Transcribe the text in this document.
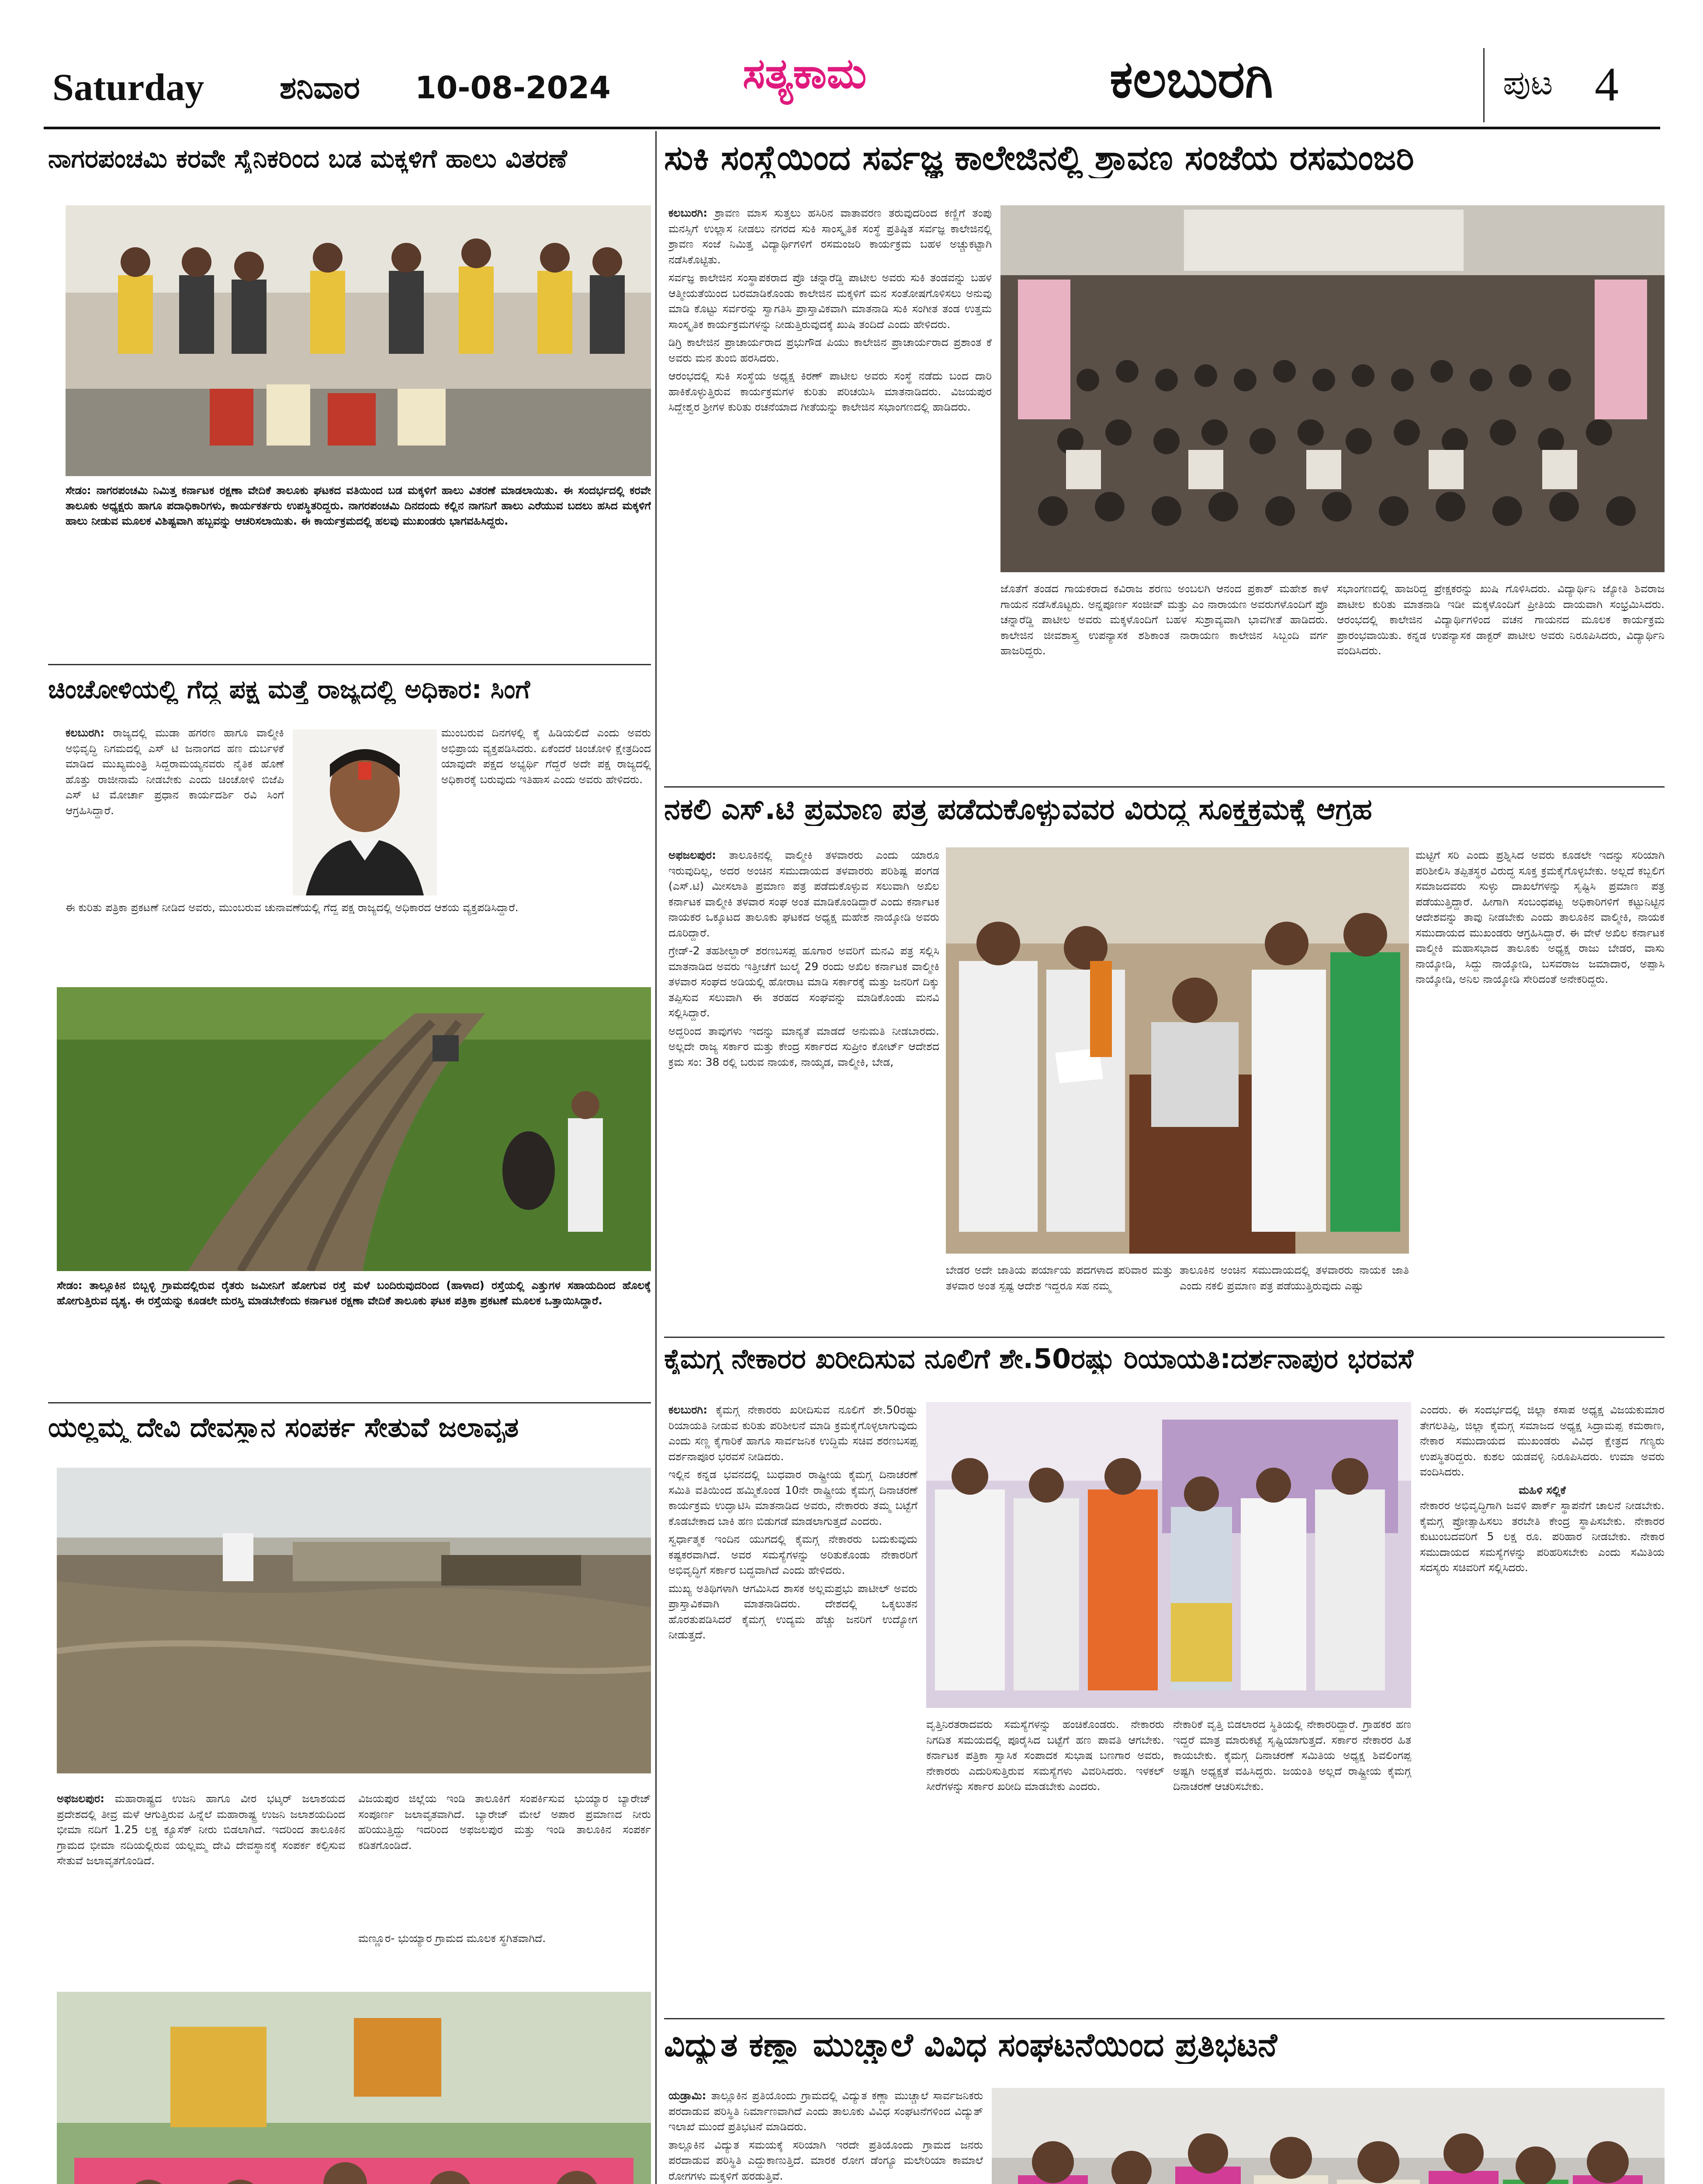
Saturday ಶನಿವಾರ 10-08-2024	ಸತ್ಯಕಾಮ	ಕಲಬುರಗಿ	ಪುಟ 4
ನಾಗರಪಂಚಮಿ ಕರವೇ ಸೈನಿಕರಿಂದ ಬಡ ಮಕ್ಕಳಿಗೆ ಹಾಲು ವಿತರಣೆ
ಸೇಡಂ: ನಾಗರಪಂಚಮಿ ನಿಮಿತ್ತ ಕರ್ನಾಟಕ ರಕ್ಷಣಾ ವೇದಿಕೆ ತಾಲೂಕು ಘಟಕದ ವತಿಯಿಂದ ಬಡ ಮಕ್ಕಳಿಗೆ ಹಾಲು ವಿತರಣೆ ಮಾಡಲಾಯಿತು. ಈ ಸಂದರ್ಭದಲ್ಲಿ ಕರವೇ ತಾಲೂಕು ಅಧ್ಯಕ್ಷರು ಹಾಗೂ ಪದಾಧಿಕಾರಿಗಳು, ಕಾರ್ಯಕರ್ತರು ಉಪಸ್ಥಿತರಿದ್ದರು. ನಾಗರಪಂಚಮಿ ದಿನದಂದು ಕಲ್ಲಿನ ನಾಗನಿಗೆ ಹಾಲು ಎರೆಯುವ ಬದಲು ಹಸಿದ ಮಕ್ಕಳಿಗೆ ಹಾಲು ನೀಡುವ ಮೂಲಕ ವಿಶಿಷ್ಟವಾಗಿ ಹಬ್ಬವನ್ನು ಆಚರಿಸಲಾಯಿತು. ಈ ಕಾರ್ಯಕ್ರಮದಲ್ಲಿ ಹಲವು ಮುಖಂಡರು ಭಾಗವಹಿಸಿದ್ದರು.
ಚಿಂಚೋಳಿಯಲ್ಲಿ ಗೆದ್ದ ಪಕ್ಷ ಮತ್ತೆ ರಾಜ್ಯದಲ್ಲಿ ಅಧಿಕಾರ: ಸಿಂಗೆ
ಕಲಬುರಗಿ: ರಾಜ್ಯದಲ್ಲಿ ಮುಡಾ ಹಗರಣ ಹಾಗೂ ವಾಲ್ಮೀಕಿ ಅಭಿವೃದ್ಧಿ ನಿಗಮದಲ್ಲಿ ಎಸ್ ಟಿ ಜನಾಂಗದ ಹಣ ದುರ್ಬಳಕೆ ಮಾಡಿದ ಮುಖ್ಯಮಂತ್ರಿ ಸಿದ್ದರಾಮಯ್ಯನವರು ನೈತಿಕ ಹೊಣೆ ಹೊತ್ತು ರಾಜೀನಾಮೆ ನೀಡಬೇಕು ಎಂದು ಚಿಂಚೋಳಿ ಬಿಜೆಪಿ ಎಸ್ ಟಿ ಮೋರ್ಚಾ ಪ್ರಧಾನ ಕಾರ್ಯದರ್ಶಿ ರವಿ ಸಿಂಗೆ ಆಗ್ರಹಿಸಿದ್ದಾರೆ.
ಮುಂಬರುವ ದಿನಗಳಲ್ಲಿ ಕೈ ಹಿಡಿಯಲಿದೆ ಎಂದು ಅವರು ಅಭಿಪ್ರಾಯ ವ್ಯಕ್ತಪಡಿಸಿದರು. ಏಕೆಂದರೆ ಚಿಂಚೋಳಿ ಕ್ಷೇತ್ರದಿಂದ ಯಾವುದೇ ಪಕ್ಷದ ಅಭ್ಯರ್ಥಿ ಗೆದ್ದರೆ ಅದೇ ಪಕ್ಷ ರಾಜ್ಯದಲ್ಲಿ ಅಧಿಕಾರಕ್ಕೆ ಬರುವುದು ಇತಿಹಾಸ ಎಂದು ಅವರು ಹೇಳಿದರು.
ಈ ಕುರಿತು ಪತ್ರಿಕಾ ಪ್ರಕಟಣೆ ನೀಡಿದ ಅವರು, ಮುಂಬರುವ ಚುನಾವಣೆಯಲ್ಲಿ ಗೆದ್ದ ಪಕ್ಷ ರಾಜ್ಯದಲ್ಲಿ ಅಧಿಕಾರದ ಆಶಯ ವ್ಯಕ್ತಪಡಿಸಿದ್ದಾರೆ.
ಸೇಡಂ: ತಾಲ್ಲೂಕಿನ ಬಿಬ್ಬಳ್ಳಿ ಗ್ರಾಮದಲ್ಲಿರುವ ರೈತರು ಜಮೀನಿಗೆ ಹೋಗುವ ರಸ್ತೆ ಮಳೆ ಬಂದಿರುವುದರಿಂದ (ಹಾಳಾದ) ರಸ್ತೆಯಲ್ಲಿ ಎತ್ತುಗಳ ಸಹಾಯದಿಂದ ಹೊಲಕ್ಕೆ ಹೋಗುತ್ತಿರುವ ದೃಶ್ಯ. ಈ ರಸ್ತೆಯನ್ನು ಕೂಡಲೇ ದುರಸ್ತಿ ಮಾಡಬೇಕೆಂದು ಕರ್ನಾಟಕ ರಕ್ಷಣಾ ವೇದಿಕೆ ತಾಲೂಕು ಘಟಕ ಪತ್ರಿಕಾ ಪ್ರಕಟಣೆ ಮೂಲಕ ಒತ್ತಾಯಿಸಿದ್ದಾರೆ.
ಯಲ್ಲಮ್ಮ ದೇವಿ ದೇವಸ್ಥಾನ ಸಂಪರ್ಕ ಸೇತುವೆ ಜಲಾವೃತ
ಅಫಜಲಪುರ: ಮಹಾರಾಷ್ಟ್ರದ ಉಜನಿ ಹಾಗೂ ವೀರ ಭಟ್ಕರ್ ಜಲಾಶಯದ ಪ್ರದೇಶದಲ್ಲಿ ತೀವ್ರ ಮಳೆ ಆಗುತ್ತಿರುವ ಹಿನ್ನೆಲೆ ಮಹಾರಾಷ್ಟ್ರ ಉಜನಿ ಜಲಾಶಯದಿಂದ ಭೀಮಾ ನದಿಗೆ 1.25 ಲಕ್ಷ ಕ್ಯೂಸೆಕ್ ನೀರು ಬಿಡಲಾಗಿದೆ. ಇದರಿಂದ ತಾಲೂಕಿನ ಗ್ರಾಮದ ಭೀಮಾ ನದಿಯಲ್ಲಿರುವ ಯಲ್ಲಮ್ಮ ದೇವಿ ದೇವಸ್ಥಾನಕ್ಕೆ ಸಂಪರ್ಕ ಕಲ್ಪಿಸುವ ಸೇತುವೆ ಜಲಾವೃತಗೊಂಡಿದೆ.
ವಿಜಯಪುರ ಜಿಲ್ಲೆಯ ಇಂಡಿ ತಾಲೂಕಿಗೆ ಸಂಪರ್ಕಿಸುವ ಭುಯ್ಯಾರ ಬ್ಯಾರೇಜ್ ಸಂಪೂರ್ಣ ಜಲಾವೃತವಾಗಿದೆ. ಬ್ಯಾರೇಜ್ ಮೇಲೆ ಅಪಾರ ಪ್ರಮಾಣದ ನೀರು ಹರಿಯುತ್ತಿದ್ದು ಇದರಿಂದ ಅಫಜಲಪುರ ಮತ್ತು ಇಂಡಿ ತಾಲೂಕಿನ ಸಂಪರ್ಕ ಕಡಿತಗೊಂಡಿದೆ.
ಮಣ್ಣೂರ- ಭುಯ್ಯಾರ ಗ್ರಾಮದ ಮೂಲಕ ಸ್ಥಗಿತವಾಗಿದೆ.
ಸುಕಿ ಸಂಸ್ಥೆಯಿಂದ ಸರ್ವಜ್ಞ ಕಾಲೇಜಿನಲ್ಲಿ ಶ್ರಾವಣ ಸಂಜೆಯ ರಸಮಂಜರಿ
ಕಲಬುರಗಿ: ಶ್ರಾವಣ ಮಾಸ ಸುತ್ತಲು ಹಸಿರಿನ ವಾತಾವರಣ ತರುವುದರಿಂದ ಕಣ್ಣಿಗೆ ತಂಪು ಮನಸ್ಸಿಗೆ ಉಲ್ಲಾಸ ನೀಡಲು ನಗರದ ಸುಕಿ ಸಾಂಸ್ಕೃತಿಕ ಸಂಸ್ಥೆ ಪ್ರತಿಷ್ಠಿತ ಸರ್ವಜ್ಞ ಕಾಲೇಜಿನಲ್ಲಿ ಶ್ರಾವಣ ಸಂಜೆ ನಿಮಿತ್ತ ವಿದ್ಯಾರ್ಥಿಗಳಿಗೆ ರಸಮಂಜರಿ ಕಾರ್ಯಕ್ರಮ ಬಹಳ ಅಚ್ಚುಕಟ್ಟಾಗಿ ನಡೆಸಿಕೊಟ್ಟಿತು.

ಸರ್ವಜ್ಞ ಕಾಲೇಜಿನ ಸಂಸ್ಥಾಪಕರಾದ ಪ್ರೊ ಚನ್ನಾರೆಡ್ಡಿ ಪಾಟೀಲ ಅವರು ಸುಕಿ ತಂಡವನ್ನು ಬಹಳ ಆತ್ಮೀಯತೆಯಿಂದ ಬರಮಾಡಿಕೊಂಡು ಕಾಲೇಜಿನ ಮಕ್ಕಳಿಗೆ ಮನ ಸಂತೋಷಗೊಳಿಸಲು ಅನುವು ಮಾಡಿ ಕೊಟ್ಟು ಸರ್ವರನ್ನು ಸ್ವಾಗತಿಸಿ ಪ್ರಾಸ್ತಾವಿಕವಾಗಿ ಮಾತನಾಡಿ ಸುಕಿ ಸಂಗೀತ ತಂಡ ಉತ್ತಮ ಸಾಂಸ್ಕೃತಿಕ ಕಾರ್ಯಕ್ರಮಗಳನ್ನು ನೀಡುತ್ತಿರುವುದಕ್ಕೆ ಖುಷಿ ತಂದಿದೆ ಎಂದು ಹೇಳಿದರು.

ಡಿಗ್ರಿ ಕಾಲೇಜಿನ ಪ್ರಾಚಾರ್ಯರಾದ ಪ್ರಭುಗೌಡ ಪಿಯು ಕಾಲೇಜಿನ ಪ್ರಾಚಾರ್ಯರಾದ ಪ್ರಶಾಂತ ಕೆ ಅವರು ಮನ ತುಂಬಿ ಹರಸಿದರು.

ಆರಂಭದಲ್ಲಿ ಸುಕಿ ಸಂಸ್ಥೆಯ ಅಧ್ಯಕ್ಷ ಕಿರಣ್ ಪಾಟೀಲ ಅವರು ಸಂಸ್ಥೆ ನಡೆದು ಬಂದ ದಾರಿ ಹಾಕಿಕೊಳ್ಳುತ್ತಿರುವ ಕಾರ್ಯಕ್ರಮಗಳ ಕುರಿತು ಪರಿಚಯಿಸಿ ಮಾತನಾಡಿದರು. ವಿಜಯಪುರ ಸಿದ್ದೇಶ್ವರ ಶ್ರೀಗಳ ಕುರಿತು ರಚನೆಯಾದ ಗೀತೆಯನ್ನು ಕಾಲೇಜಿನ ಸಭಾಂಗಣದಲ್ಲಿ ಹಾಡಿದರು.
ಜೊತೆಗೆ ತಂಡದ ಗಾಯಕರಾದ ಕವಿರಾಜ ಶರಣು ಅಂಬಲಗಿ ಆನಂದ ಪ್ರಕಾಶ್ ಮಹೇಶ ಕಾಳೆ ಗಾಯನ ನಡೆಸಿಕೊಟ್ಟರು. ಅನ್ನಪೂರ್ಣ ಸಂಜೀವ್ ಮತ್ತು ಎಂ ನಾರಾಯಣ ಅವರುಗಳೊಂದಿಗೆ ಪ್ರೊ ಚನ್ನಾರೆಡ್ಡಿ ಪಾಟೀಲ ಅವರು ಮಕ್ಕಳೊಂದಿಗೆ ಬಹಳ ಸುಶ್ರಾವ್ಯವಾಗಿ ಭಾವಗೀತೆ ಹಾಡಿದರು. ಕಾಲೇಜಿನ ಜೀವಶಾಸ್ತ್ರ ಉಪನ್ಯಾಸಕ ಶಶಿಕಾಂತ ನಾರಾಯಣ ಕಾಲೇಜಿನ ಸಿಬ್ಬಂದಿ ವರ್ಗ ಹಾಜರಿದ್ದರು.
ಸಭಾಂಗಣದಲ್ಲಿ ಹಾಜರಿದ್ದ ಪ್ರೇಕ್ಷಕರನ್ನು ಖುಷಿ ಗೊಳಿಸಿದರು. ವಿದ್ಯಾರ್ಥಿನಿ ಜ್ಯೋತಿ ಶಿವರಾಜ ಪಾಟೀಲ ಕುರಿತು ಮಾತನಾಡಿ ಇಡೀ ಮಕ್ಕಳೊಂದಿಗೆ ಪ್ರೀತಿಯ ದಾಯವಾಗಿ ಸಂಭ್ರಮಿಸಿದರು. ಆರಂಭದಲ್ಲಿ ಕಾಲೇಜಿನ ವಿದ್ಯಾರ್ಥಿಗಳಿಂದ ವಚನ ಗಾಯನದ ಮೂಲಕ ಕಾರ್ಯಕ್ರಮ ಪ್ರಾರಂಭವಾಯಿತು. ಕನ್ನಡ ಉಪನ್ಯಾಸಕ ಡಾಕ್ಟರ್ ಪಾಟೀಲ ಅವರು ನಿರೂಪಿಸಿದರು, ವಿದ್ಯಾರ್ಥಿನಿ ವಂದಿಸಿದರು.
ನಕಲಿ ಎಸ್.ಟಿ ಪ್ರಮಾಣ ಪತ್ರ ಪಡೆದುಕೊಳ್ಳುವವರ ವಿರುದ್ಧ ಸೂಕ್ತಕ್ರಮಕ್ಕೆ ಆಗ್ರಹ
ಅಫಜಲಪುರ: ತಾಲೂಕಿನಲ್ಲಿ ವಾಲ್ಮೀಕಿ ತಳವಾರರು ಎಂದು ಯಾರೂ ಇರುವುದಿಲ್ಲ, ಅದರ ಅಂಚಿನ ಸಮುದಾಯದ ತಳವಾರರು ಪರಿಶಿಷ್ಟ ಪಂಗಡ (ಎಸ್.ಟಿ) ಮೀಸಲಾತಿ ಪ್ರಮಾಣ ಪತ್ರ ಪಡೆದುಕೊಳ್ಳುವ ಸಲುವಾಗಿ ಅಖಿಲ ಕರ್ನಾಟಕ ವಾಲ್ಮೀಕಿ ತಳವಾರ ಸಂಘ ಅಂತ ಮಾಡಿಕೊಂಡಿದ್ದಾರೆ ಎಂದು ಕರ್ನಾಟಕ ನಾಯಕರ ಒಕ್ಕೂಟದ ತಾಲೂಕು ಘಟಕದ ಅಧ್ಯಕ್ಷ ಮಹೇಶ ನಾಯ್ಕೋಡಿ ಅವರು ದೂರಿದ್ದಾರೆ.

ಗ್ರೇಡ್-2 ತಹಶೀಲ್ದಾರ್ ಶರಣಬಸಪ್ಪ ಹೂಗಾರ ಅವರಿಗೆ ಮನವಿ ಪತ್ರ ಸಲ್ಲಿಸಿ ಮಾತನಾಡಿದ ಅವರು ಇತ್ತೀಚೆಗೆ ಜುಲೈ 29 ರಂದು ಅಖಿಲ ಕರ್ನಾಟಕ ವಾಲ್ಮೀಕಿ ತಳವಾರ ಸಂಘದ ಅಡಿಯಲ್ಲಿ ಹೋರಾಟ ಮಾಡಿ ಸರ್ಕಾರಕ್ಕೆ ಮತ್ತು ಜನರಿಗೆ ದಿಕ್ಕು ತಪ್ಪಿಸುವ ಸಲುವಾಗಿ ಈ ತರಹದ ಸಂಘವನ್ನು ಮಾಡಿಕೊಂಡು ಮನವಿ ಸಲ್ಲಿಸಿದ್ದಾರೆ.

ಅದ್ದರಿಂದ ತಾವುಗಳು ಇದನ್ನು ಮಾನ್ಯತೆ ಮಾಡದೆ ಅನುಮತಿ ನೀಡಬಾರದು. ಅಲ್ಲದೇ ರಾಜ್ಯ ಸರ್ಕಾರ ಮತ್ತು ಕೇಂದ್ರ ಸರ್ಕಾರದ ಸುಪ್ರೀಂ ಕೋರ್ಟ್ ಆದೇಶದ ಕ್ರಮ ಸಂ: 38 ರಲ್ಲಿ ಬರುವ ನಾಯಕ, ನಾಯ್ಕಡ, ವಾಲ್ಮೀಕಿ, ಬೇಡ,
ಬೇಡರ ಅದೇ ಜಾತಿಯ ಪರ್ಯಾಯ ಪದಗಳಾದ ಪರಿವಾರ ಮತ್ತು ತಳವಾರ ಅಂತ ಸ್ಪಷ್ಟ ಆದೇಶ ಇದ್ದರೂ ಸಹ ನಮ್ಮ
ತಾಲೂಕಿನ ಅಂಚಿನ ಸಮುದಾಯದಲ್ಲಿ ತಳವಾರರು ನಾಯಕ ಜಾತಿ ಎಂದು ನಕಲಿ ಪ್ರಮಾಣ ಪತ್ರ ಪಡೆಯುತ್ತಿರುವುದು ಎಷ್ಟು
ಮಟ್ಟಿಗೆ ಸರಿ ಎಂದು ಪ್ರಶ್ನಿಸಿದ ಅವರು ಕೂಡಲೇ ಇದನ್ನು ಸರಿಯಾಗಿ ಪರಿಶೀಲಿಸಿ ತಪ್ಪಿತಸ್ಥರ ವಿರುದ್ಧ ಸೂಕ್ತ ಕ್ರಮಕೈಗೊಳ್ಳಬೇಕು. ಅಲ್ಲದೆ ಕಬ್ಬಲಿಗ ಸಮಾಜದವರು ಸುಳ್ಳು ದಾಖಲೆಗಳನ್ನು ಸೃಷ್ಟಿಸಿ ಪ್ರಮಾಣ ಪತ್ರ ಪಡೆಯುತ್ತಿದ್ದಾರೆ. ಹೀಗಾಗಿ ಸಂಬಂಧಪಟ್ಟ ಅಧಿಕಾರಿಗಳಿಗೆ ಕಟ್ಟುನಿಟ್ಟಿನ ಆದೇಶವನ್ನು ತಾವು ನೀಡಬೇಕು ಎಂದು ತಾಲೂಕಿನ ವಾಲ್ಮೀಕಿ, ನಾಯಕ ಸಮುದಾಯದ ಮುಖಂಡರು ಆಗ್ರಹಿಸಿದ್ದಾರೆ. ಈ ವೇಳೆ ಅಖಿಲ ಕರ್ನಾಟಕ ವಾಲ್ಮೀಕಿ ಮಹಾಸಭಾದ ತಾಲೂಕು ಅಧ್ಯಕ್ಷ ರಾಜು ಬೇಡರ, ವಾಸು ನಾಯ್ಕೋಡಿ, ಸಿದ್ದು ನಾಯ್ಕೋಡಿ, ಬಸವರಾಜ ಜಮಾದಾರ, ಅಪ್ಪಾಸಿ ನಾಯ್ಕೋಡಿ, ಅನಿಲ ನಾಯ್ಕೋಡಿ ಸೇರಿದಂತೆ ಅನೇಕರಿದ್ದರು.
ಕೈಮಗ್ಗ ನೇಕಾರರ ಖರೀದಿಸುವ ನೂಲಿಗೆ ಶೇ.50ರಷ್ಟು ರಿಯಾಯತಿ:ದರ್ಶನಾಪುರ ಭರವಸೆ
ಕಲಬುರಗಿ: ಕೈಮಗ್ಗ ನೇಕಾರರು ಖರೀದಿಸುವ ನೂಲಿಗೆ ಶೇ.50ರಷ್ಟು ರಿಯಾಯತಿ ನೀಡುವ ಕುರಿತು ಪರಿಶೀಲನೆ ಮಾಡಿ ಕ್ರಮಕೈಗೊಳ್ಳಲಾಗುವುದು ಎಂದು ಸಣ್ಣ ಕೈಗಾರಿಕೆ ಹಾಗೂ ಸಾರ್ವಜನಿಕ ಉದ್ದಿಮೆ ಸಚಿವ ಶರಣಬಸಪ್ಪ ದರ್ಶನಾಪೂರ ಭರವಸೆ ನೀಡಿದರು.

ಇಲ್ಲಿನ ಕನ್ನಡ ಭವನದಲ್ಲಿ ಬುಧವಾರ ರಾಷ್ಟ್ರೀಯ ಕೈಮಗ್ಗ ದಿನಾಚರಣೆ ಸಮಿತಿ ವತಿಯಿಂದ ಹಮ್ಮಿಕೊಂಡ 10ನೇ ರಾಷ್ಟ್ರೀಯ ಕೈಮಗ್ಗ ದಿನಾಚರಣೆ ಕಾರ್ಯಕ್ರಮ ಉದ್ಘಾಟಿಸಿ ಮಾತನಾಡಿದ ಅವರು, ನೇಕಾರರು ತಮ್ಮ ಬಟ್ಟೆಗೆ ಕೊಡಬೇಕಾದ ಬಾಕಿ ಹಣ ಬಿಡುಗಡೆ ಮಾಡಲಾಗುತ್ತದೆ ಎಂದರು.

ಸ್ವರ್ಧಾತ್ಮಕ ಇಂದಿನ ಯುಗದಲ್ಲಿ ಕೈಮಗ್ಗ ನೇಕಾರರು ಬದುಕುವುದು ಕಷ್ಟಕರವಾಗಿದೆ. ಅವರ ಸಮಸ್ಯೆಗಳನ್ನು ಅರಿತುಕೊಂಡು ನೇಕಾರರಿಗೆ ಅಭಿವೃದ್ಧಿಗೆ ಸರ್ಕಾರ ಬದ್ಧವಾಗಿದೆ ಎಂದು ಹೇಳಿದರು.

ಮುಖ್ಯ ಅತಿಥಿಗಳಾಗಿ ಆಗಮಿಸಿದ ಶಾಸಕ ಅಲ್ಲಮಪ್ರಭು ಪಾಟೀಲ್ ಅವರು ಪ್ರಾಸ್ತಾವಿಕವಾಗಿ ಮಾತನಾಡಿದರು. ದೇಶದಲ್ಲಿ ಒಕ್ಕಲುತನ ಹೊರತುಪಡಿಸಿದರೆ ಕೈಮಗ್ಗ ಉದ್ಯಮ ಹೆಚ್ಚು ಜನರಿಗೆ ಉದ್ಯೋಗ ನೀಡುತ್ತದೆ.
ವೃತ್ತಿನಿರತರಾದವರು ಸಮಸ್ಯೆಗಳನ್ನು ಹಂಚಿಕೊಂಡರು. ನೇಕಾರರು ನಿಗದಿತ ಸಮಯದಲ್ಲಿ ಪೂರೈಸಿದ ಬಟ್ಟೆಗೆ ಹಣ ಪಾವತಿ ಆಗಬೇಕು. ಕರ್ನಾಟಕ ಪತ್ರಿಕಾ ಸ್ವಾಸಿಕ ಸಂಪಾದಕ ಸುಭಾಷ ಬಣಗಾರ ಅವರು, ನೇಕಾರರು ಎದುರಿಸುತ್ತಿರುವ ಸಮಸ್ಯೆಗಳು ವಿವರಿಸಿದರು. ಇಳಕಲ್ ಸೀರೆಗಳನ್ನು ಸರ್ಕಾರ ಖರೀದಿ ಮಾಡಬೇಕು ಎಂದರು.
ನೇಕಾರಿಕೆ ವೃತ್ತಿ ಬಿಡಲಾರದ ಸ್ಥಿತಿಯಲ್ಲಿ ನೇಕಾರರಿದ್ದಾರೆ. ಗ್ರಾಹಕರ ಹಣ ಇದ್ದರೆ ಮಾತ್ರ ಮಾರುಕಟ್ಟೆ ಸೃಷ್ಟಿಯಾಗುತ್ತದೆ. ಸರ್ಕಾರ ನೇಕಾರರ ಹಿತ ಕಾಯಬೇಕು. ಕೈಮಗ್ಗ ದಿನಾಚರಣೆ ಸಮಿತಿಯ ಅಧ್ಯಕ್ಷ ಶಿವಲಿಂಗಪ್ಪ ಅಷ್ಟಗಿ ಅಧ್ಯಕ್ಷತೆ ವಹಿಸಿದ್ದರು. ಜಯಂತಿ ಅಲ್ಲದೆ ರಾಷ್ಟ್ರೀಯ ಕೈಮಗ್ಗ ದಿನಾಚರಣೆ ಆಚರಿಸಬೇಕು.
ಎಂದರು. ಈ ಸಂದರ್ಭದಲ್ಲಿ ಜಿಲ್ಲಾ ಕಸಾಪ ಅಧ್ಯಕ್ಷ ವಿಜಯಕುಮಾರ ತೇಗಲತಿಪ್ಪಿ, ಜಿಲ್ಲಾ ಕೈಮಗ್ಗ ಸಮಾಜದ ಅಧ್ಯಕ್ಷ ಸಿದ್ರಾಮಪ್ಪ ಕಮಠಾಣ, ನೇಕಾರ ಸಮುದಾಯದ ಮುಖಂಡರು ವಿವಿಧ ಕ್ಷೇತ್ರದ ಗಣ್ಯರು ಉಪಸ್ಥಿತರಿದ್ದರು. ಕುಶಲ ಯಡವಳ್ಳಿ ನಿರೂಪಿಸಿದರು. ಉಮಾ ಅವರು ವಂದಿಸಿದರು.

ಮಹಿಳಿ ಸಲ್ಲಿಕೆ
ನೇಕಾರರ ಅಭಿವೃದ್ಧಿಗಾಗಿ ಜವಳಿ ಪಾರ್ಕ್ ಸ್ಥಾಪನೆಗೆ ಚಾಲನೆ ನೀಡಬೇಕು. ಕೈಮಗ್ಗ ಪ್ರೋತ್ಸಾಹಿಸಲು ತರಬೇತಿ ಕೇಂದ್ರ ಸ್ಥಾಪಿಸಬೇಕು. ನೇಕಾರರ ಕುಟುಂಬದವರಿಗೆ 5 ಲಕ್ಷ ರೂ. ಪರಿಹಾರ ನೀಡಬೇಕು. ನೇಕಾರ ಸಮುದಾಯದ ಸಮಸ್ಯೆಗಳನ್ನು ಪರಿಹರಿಸಬೇಕು ಎಂದು ಸಮಿತಿಯ ಸದಸ್ಯರು ಸಚಿವರಿಗೆ ಸಲ್ಲಿಸಿದರು.
ವಿದ್ಯುತ ಕಣ್ಣಾ ಮುಚ್ಚಾಲೆ ವಿವಿಧ ಸಂಘಟನೆಯಿಂದ ಪ್ರತಿಭಟನೆ
ಯಡ್ರಾಮಿ: ತಾಲ್ಲೂಕಿನ ಪ್ರತಿಯೊಂದು ಗ್ರಾಮದಲ್ಲಿ ವಿದ್ಯುತ ಕಣ್ಣಾ ಮುಚ್ಚಾಲೆ ಸಾರ್ವಜನಿಕರು ಪರದಾಡುವ ಪರಿಸ್ಥಿತಿ ನಿರ್ಮಾಣವಾಗಿದೆ ಎಂದು ತಾಲೂಕು ವಿವಿಧ ಸಂಘಟನೆಗಳಿಂದ ವಿದ್ಯುತ್ ಇಲಾಖೆ ಮುಂದೆ ಪ್ರತಿಭಟನೆ ಮಾಡಿದರು.

ತಾಲ್ಲೂಕಿನ ವಿದ್ಯುತ ಸಮಯಕ್ಕೆ ಸರಿಯಾಗಿ ಇರದೇ ಪ್ರತಿಯೊಂದು ಗ್ರಾಮದ ಜನರು ಪರದಾಡುವ ಪರಿಸ್ಥಿತಿ ಎದ್ದುಕಾಣುತ್ತಿದೆ. ಮಾರಕ ರೋಗ ಡೆಂಗ್ಯೂ ಮಲೇರಿಯಾ ಕಾಮಾಲೆ ರೋಗಗಳು ಮಕ್ಕಳಿಗೆ ಹರಡುತ್ತಿವೆ.
